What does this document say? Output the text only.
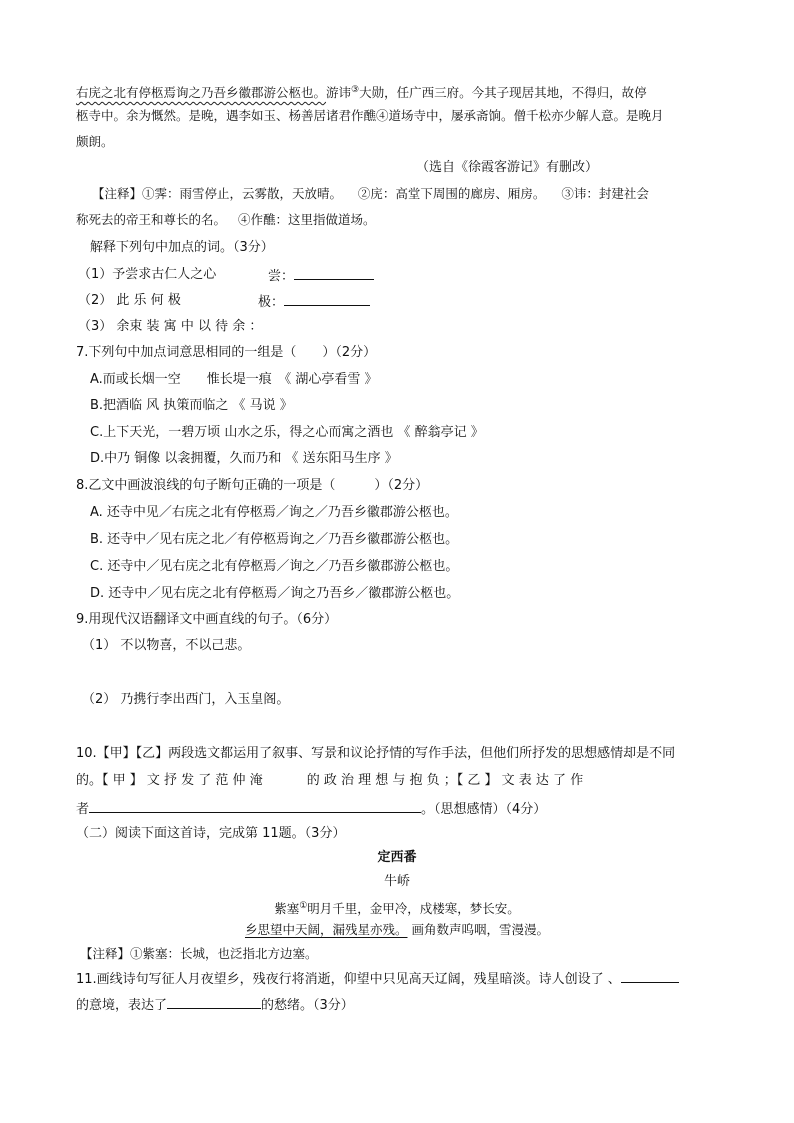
右庑之北有停柩焉询之乃吾乡徽郡游公柩也。游讳③大勋，任广西三府。今其子现居其地，不得归，故停
柩寺中。余为慨然。是晚，遇李如玉、杨善居诸君作醮④道场寺中，屡承斋饷。僧千松亦少解人意。是晚月
颇朗。
（选自《徐霞客游记》有删改）
【注释】①霁：雨雪停止，云雾散，天放晴。 ②庑：高堂下周围的廊房、厢房。 ③讳：封建社会
称死去的帝王和尊长的名。 ④作醮：这里指做道场。
解释下列句中加点的词。（3分）
（1）予尝求古仁人之心	尝：
（2） 此 乐 何 极	极：
（3） 余束 装 寓 中 以 待 余 ：
7.下列句中加点词意思相同的一组是（　　）（2分）
A.而或长烟一空　　惟长堤一痕　《 湖心亭看雪 》
B.把酒临 风 执策而临之 《 马说 》
C.上下天光，一碧万顷 山水之乐，得之心而寓之酒也 《 醉翁亭记 》
D.中乃 铜像 以衾拥覆，久而乃和 《 送东阳马生序 》
8.乙文中画波浪线的句子断句正确的一项是（　　　）（2分）
A. 还寺中见／右庑之北有停柩焉／询之／乃吾乡徽郡游公柩也。
B. 还寺中／见右庑之北／有停柩焉询之／乃吾乡徽郡游公柩也。
C. 还寺中／见右庑之北有停柩焉／询之／乃吾乡徽郡游公柩也。
D. 还寺中／见右庑之北有停柩焉／询之乃吾乡／徽郡游公柩也。
9.用现代汉语翻译文中画直线的句子。（6分）
（1） 不以物喜，不以己悲。
（2） 乃携行李出西门，入玉皇阁。
10.【甲】【乙】两段选文都运用了叙事、写景和议论抒情的写作手法，但他们所抒发的思想感情却是不同
的。【 甲 】 文 抒 发 了 范 仲 淹	的 政 治 理 想 与 抱 负 ；【 乙 】 文 表 达 了 作
者	。（思想感情）（4分）
（二）阅读下面这首诗，完成第 11题。（3分）
定西番
牛峤
紫塞①明月千里，金甲冷，戍楼寒，梦长安。
乡思望中天阔，漏残星亦残。 画角数声呜咽，雪漫漫。
【注释】①紫塞：长城，也泛指北方边塞。
11.画线诗句写征人月夜望乡，残夜行将消逝，仰望中只见高天辽阔，残星暗淡。诗人创设了 、
的意境，表达了	的愁绪。（3分）
